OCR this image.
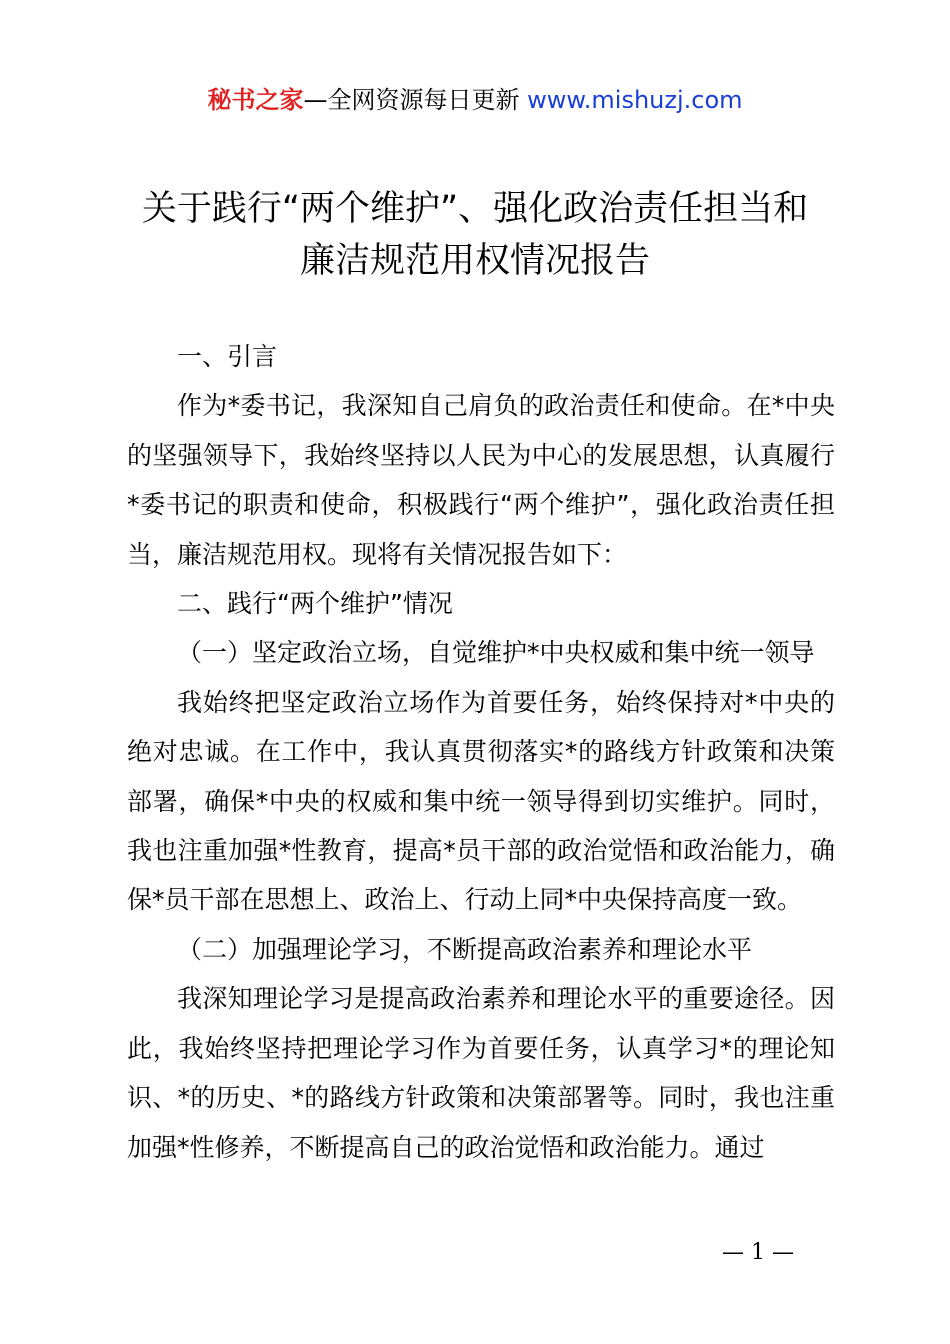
秘书之家—全网资源每日更新 www.mishuzj.com
关于践行“两个维护”、强化政治责任担当和
廉洁规范用权情况报告

一、引言

作为*委书记，我深知自己肩负的政治责任和使命。在*中央的坚强领导下，我始终坚持以人民为中心的发展思想，认真履行*委书记的职责和使命，积极践行“两个维护”，强化政治责任担当，廉洁规范用权。现将有关情况报告如下：

二、践行“两个维护”情况

（一）坚定政治立场，自觉维护*中央权威和集中统一领导

我始终把坚定政治立场作为首要任务，始终保持对*中央的绝对忠诚。在工作中，我认真贯彻落实*的路线方针政策和决策部署，确保*中央的权威和集中统一领导得到切实维护。同时，我也注重加强*性教育，提高*员干部的政治觉悟和政治能力，确保*员干部在思想上、政治上、行动上同*中央保持高度一致。

（二）加强理论学习，不断提高政治素养和理论水平

我深知理论学习是提高政治素养和理论水平的重要途径。因此，我始终坚持把理论学习作为首要任务，认真学习*的理论知识、*的历史、*的路线方针政策和决策部署等。同时，我也注重加强*性修养，不断提高自己的政治觉悟和政治能力。通过

— 1 —
